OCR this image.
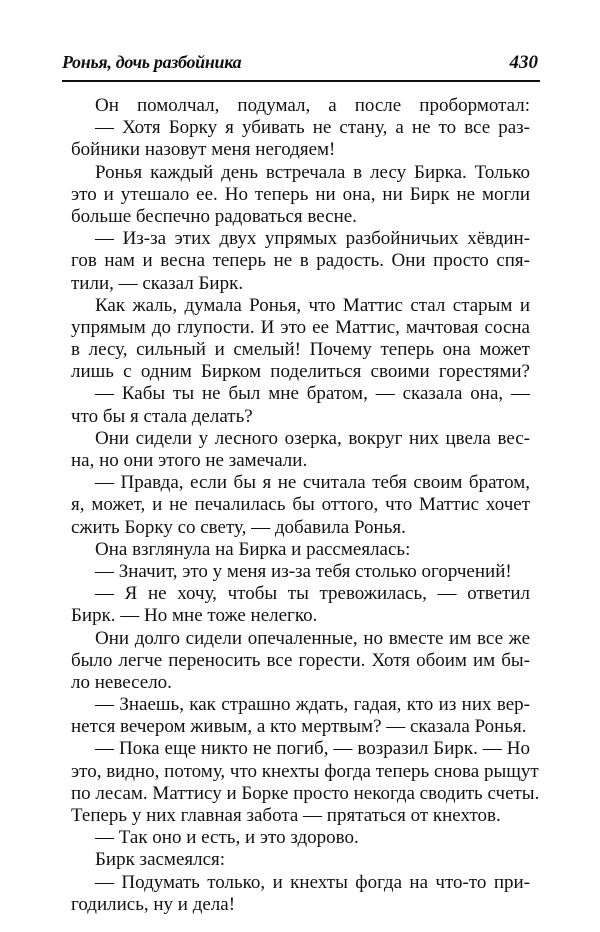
Ронья, дочь разбойника	430
Он помолчал, подумал, а после пробормотал:
— Хотя Борку я убивать не стану, а не то все раз-
бойники назовут меня негодяем!
Ронья каждый день встречала в лесу Бирка. Только
это и утешало ее. Но теперь ни она, ни Бирк не могли
больше беспечно радоваться весне.
— Из-за этих двух упрямых разбойничьих хёвдин-
гов нам и весна теперь не в радость. Они просто спя-
тили, — сказал Бирк.
Как жаль, думала Ронья, что Маттис стал старым и
упрямым до глупости. И это ее Маттис, мачтовая сосна
в лесу, сильный и смелый! Почему теперь она может
лишь с одним Бирком поделиться своими горестями?
— Кабы ты не был мне братом, — сказала она, —
что бы я стала делать?
Они сидели у лесного озерка, вокруг них цвела вес-
на, но они этого не замечали.
— Правда, если бы я не считала тебя своим братом,
я, может, и не печалилась бы оттого, что Маттис хочет
сжить Борку со свету, — добавила Ронья.
Она взглянула на Бирка и рассмеялась:
— Значит, это у меня из-за тебя столько огорчений!
— Я не хочу, чтобы ты тревожилась, — ответил
Бирк. — Но мне тоже нелегко.
Они долго сидели опечаленные, но вместе им все же
было легче переносить все горести. Хотя обоим им бы-
ло невесело.
— Знаешь, как страшно ждать, гадая, кто из них вер-
нется вечером живым, а кто мертвым? — сказала Ронья.
— Пока еще никто не погиб, — возразил Бирк. — Но
это, видно, потому, что кнехты фогда теперь снова рыщут
по лесам. Маттису и Борке просто некогда сводить счеты.
Теперь у них главная забота — прятаться от кнехтов.
— Так оно и есть, и это здорово.
Бирк засмеялся:
— Подумать только, и кнехты фогда на что-то при-
годились, ну и дела!
